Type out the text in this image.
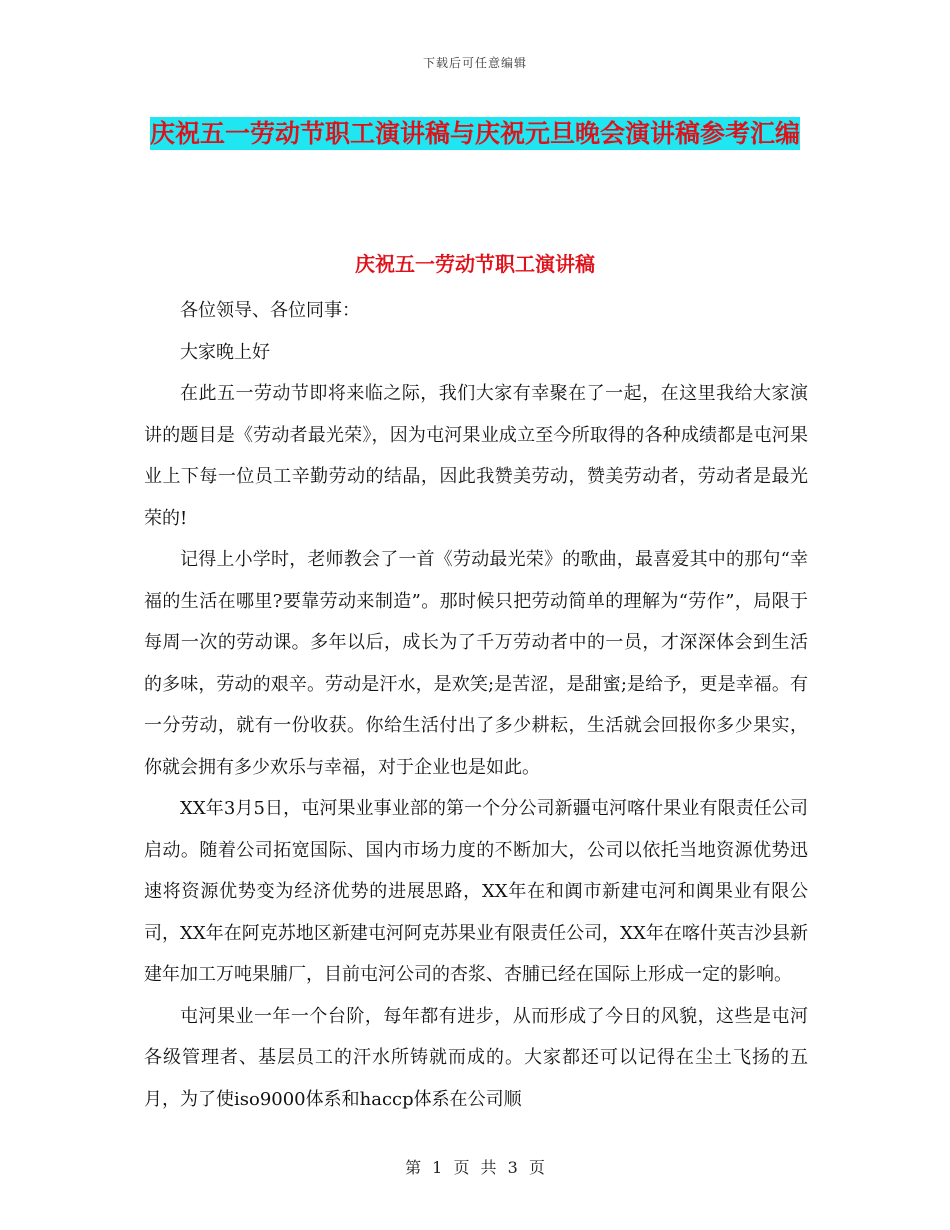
下载后可任意编辑
庆祝五一劳动节职工演讲稿与庆祝元旦晚会演讲稿参考汇编
庆祝五一劳动节职工演讲稿

各位领导、各位同事：

大家晚上好

在此五一劳动节即将来临之际，我们大家有幸聚在了一起，在这里我给大家演讲的题目是《劳动者最光荣》，因为屯河果业成立至今所取得的各种成绩都是屯河果业上下每一位员工辛勤劳动的结晶，因此我赞美劳动，赞美劳动者，劳动者是最光荣的!

记得上小学时，老师教会了一首《劳动最光荣》的歌曲，最喜爱其中的那句“幸福的生活在哪里?要靠劳动来制造”。那时候只把劳动简单的理解为“劳作”，局限于每周一次的劳动课。多年以后，成长为了千万劳动者中的一员，才深深体会到生活的多味，劳动的艰辛。劳动是汗水，是欢笑;是苦涩，是甜蜜;是给予，更是幸福。有一分劳动，就有一份收获。你给生活付出了多少耕耘，生活就会回报你多少果实，你就会拥有多少欢乐与幸福，对于企业也是如此。

XX年3月5日，屯河果业事业部的第一个分公司新疆屯河喀什果业有限责任公司启动。随着公司拓宽国际、国内市场力度的不断加大，公司以依托当地资源优势迅速将资源优势变为经济优势的进展思路，XX年在和阗市新建屯河和阗果业有限公司，XX年在阿克苏地区新建屯河阿克苏果业有限责任公司，XX年在喀什英吉沙县新建年加工万吨果脯厂，目前屯河公司的杏浆、杏脯已经在国际上形成一定的影响。

屯河果业一年一个台阶，每年都有进步，从而形成了今日的风貌，这些是屯河各级管理者、基层员工的汗水所铸就而成的。大家都还可以记得在尘土飞扬的五月，为了使iso9000体系和haccp体系在公司顺

第 1 页 共 3 页
